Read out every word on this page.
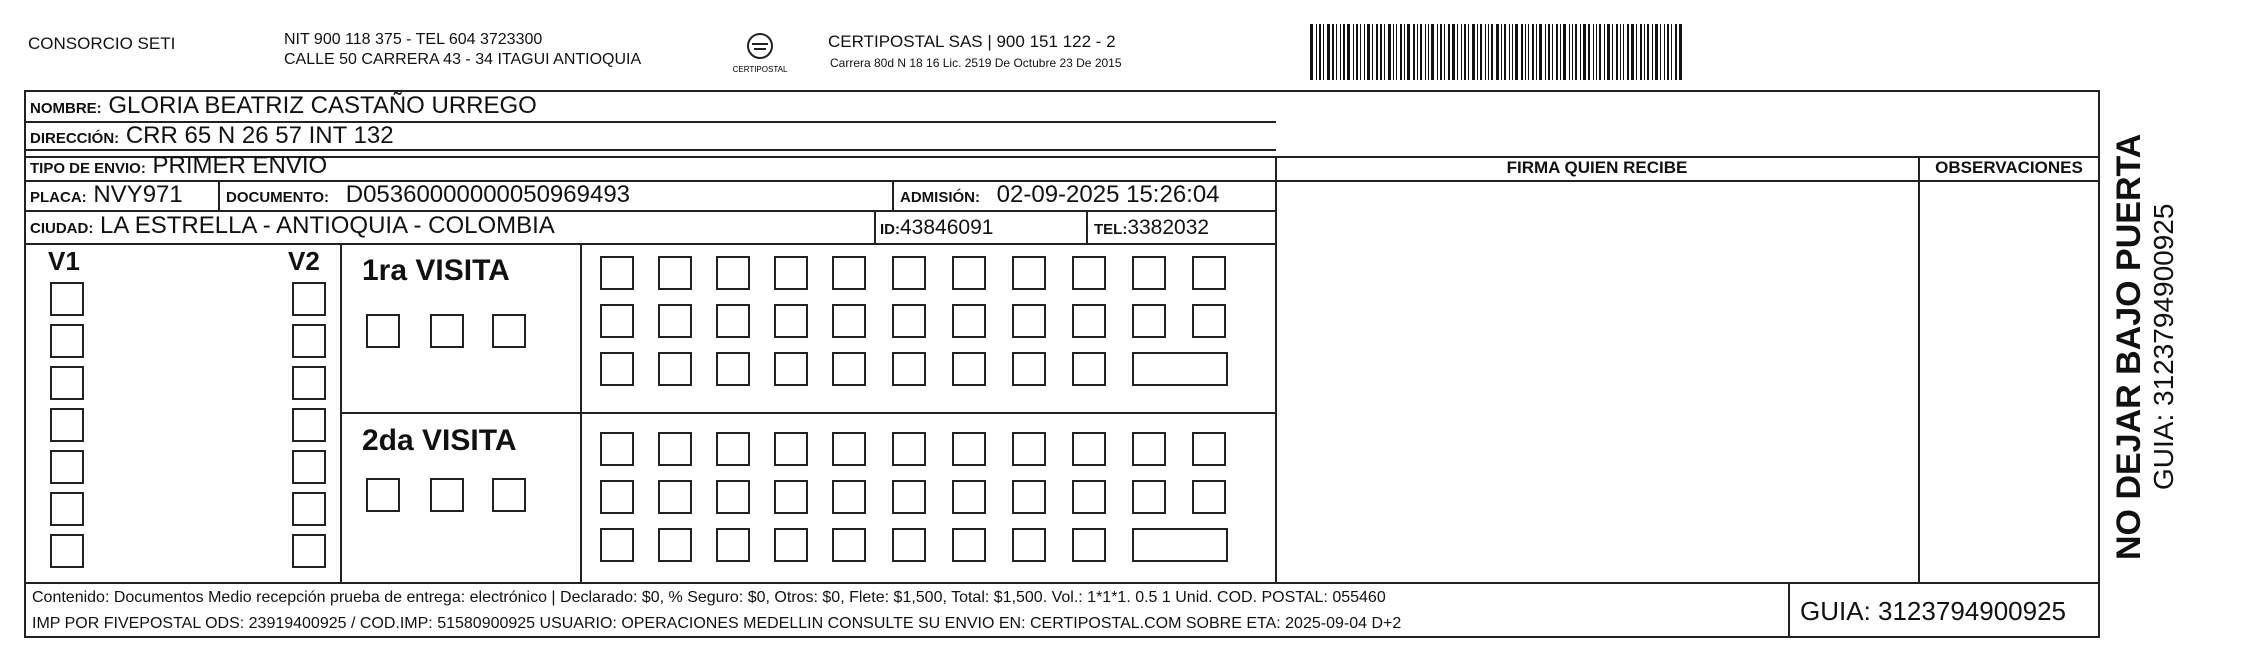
CONSORCIO SETI	NIT 900 118 375 - TEL 604 3723300
CALLE 50 CARRERA 43 - 34 ITAGUI ANTIOQUIA
CERTIPOSTAL
CERTIPOSTAL SAS | 900 151 122 - 2
Carrera 80d N 18 16 Lic. 2519 De Octubre 23 De 2015
NOMBRE: GLORIA BEATRIZ CASTAÑO URREGO
DIRECCIÓN: CRR 65 N 26 57 INT 132
TIPO DE ENVIO: PRIMER ENVIO
PLACA: NVY971	DOCUMENTO: D05360000000050969493	ADMISIÓN: 02-09-2025 15:26:04
CIUDAD: LA ESTRELLA - ANTIOQUIA - COLOMBIA	ID:43846091	TEL:3382032
FIRMA QUIEN RECIBE	OBSERVACIONES
V1	V2 1ra VISITA
2da VISITA
Contenido: Documentos Medio recepción prueba de entrega: electrónico | Declarado: $0, % Seguro: $0, Otros: $0, Flete: $1,500, Total: $1,500. Vol.: 1*1*1. 0.5 1 Unid. COD. POSTAL: 055460
IMP POR FIVEPOSTAL ODS: 23919400925 / COD.IMP: 51580900925 USUARIO: OPERACIONES MEDELLIN CONSULTE SU ENVIO EN: CERTIPOSTAL.COM SOBRE ETA: 2025-09-04 D+2	GUIA: 3123794900925
NO DEJAR BAJO PUERTA GUIA: 3123794900925
